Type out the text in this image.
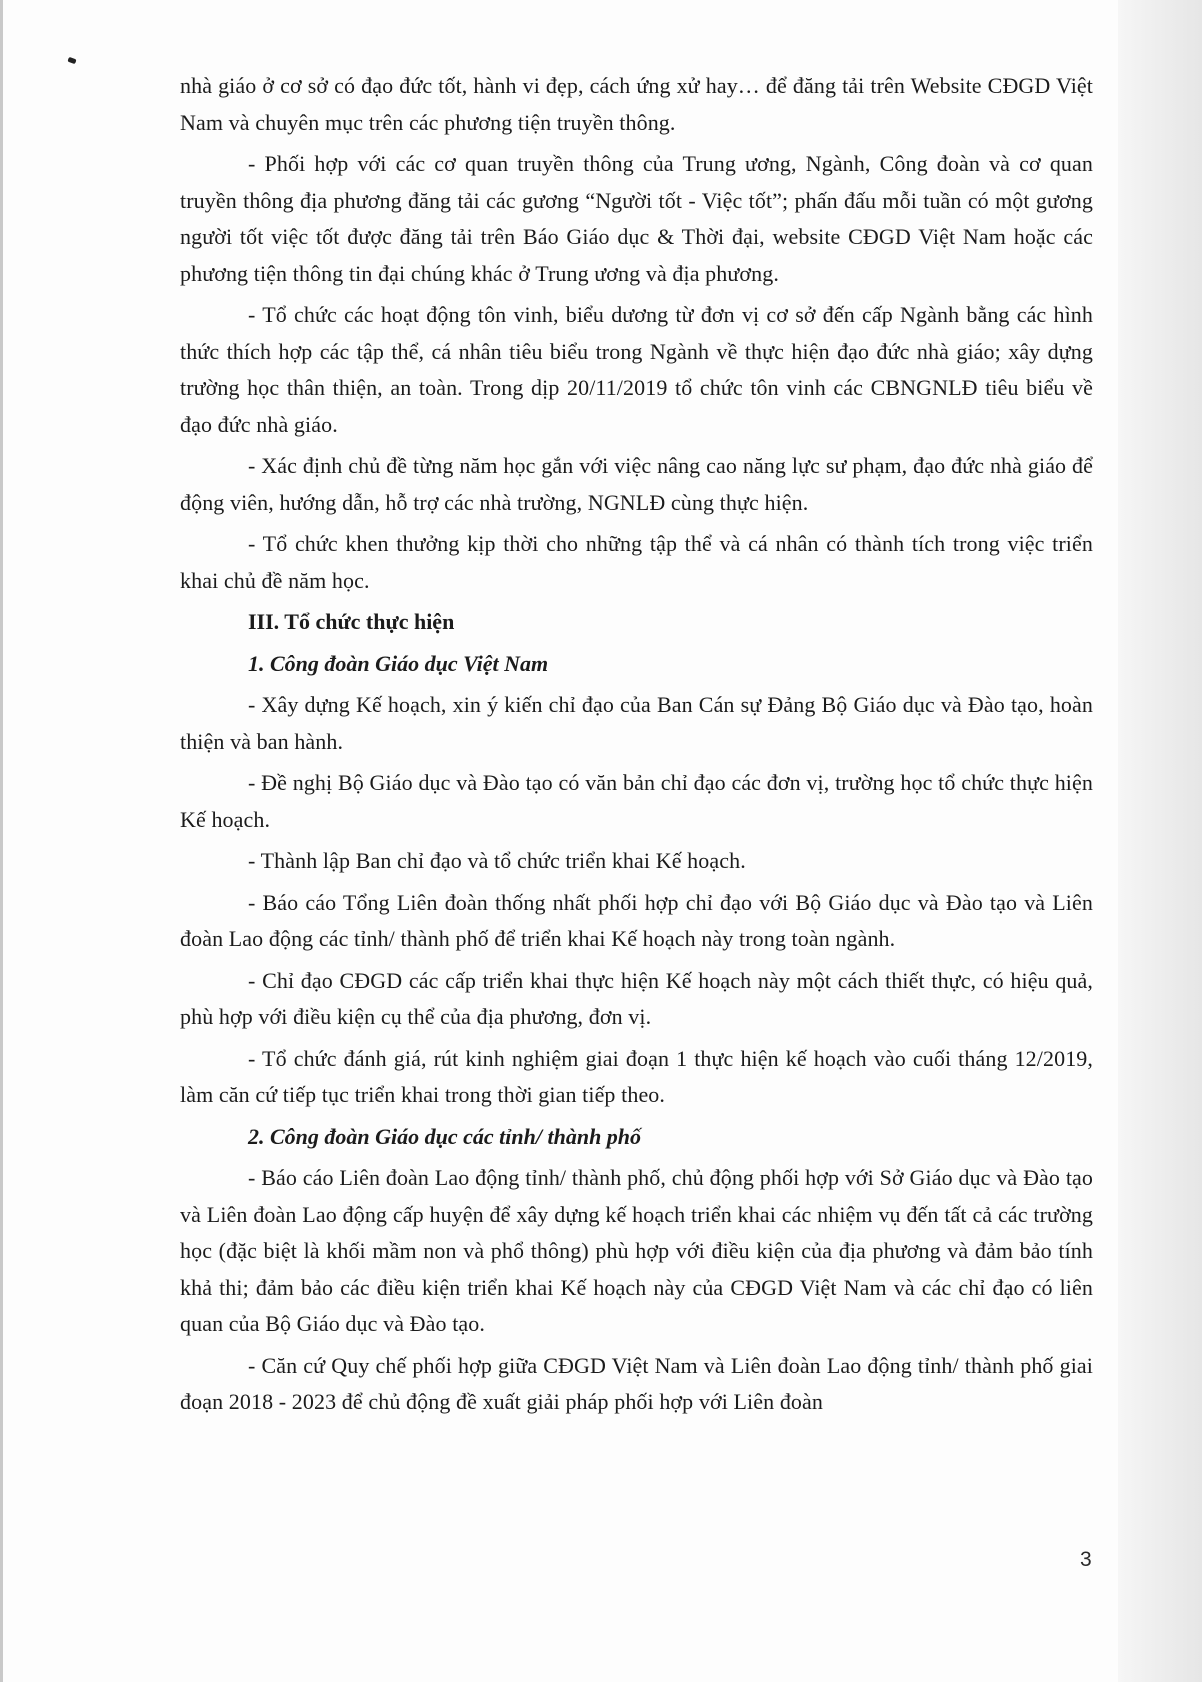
nhà giáo ở cơ sở có đạo đức tốt, hành vi đẹp, cách ứng xử hay… để đăng tải trên Website CĐGD Việt Nam và chuyên mục trên các phương tiện truyền thông.

- Phối hợp với các cơ quan truyền thông của Trung ương, Ngành, Công đoàn và cơ quan truyền thông địa phương đăng tải các gương “Người tốt - Việc tốt”; phấn đấu mỗi tuần có một gương người tốt việc tốt được đăng tải trên Báo Giáo dục & Thời đại, website CĐGD Việt Nam hoặc các phương tiện thông tin đại chúng khác ở Trung ương và địa phương.

- Tổ chức các hoạt động tôn vinh, biểu dương từ đơn vị cơ sở đến cấp Ngành bằng các hình thức thích hợp các tập thể, cá nhân tiêu biểu trong Ngành về thực hiện đạo đức nhà giáo; xây dựng trường học thân thiện, an toàn. Trong dịp 20/11/2019 tổ chức tôn vinh các CBNGNLĐ tiêu biểu về đạo đức nhà giáo.

- Xác định chủ đề từng năm học gắn với việc nâng cao năng lực sư phạm, đạo đức nhà giáo để động viên, hướng dẫn, hỗ trợ các nhà trường, NGNLĐ cùng thực hiện.

- Tổ chức khen thưởng kịp thời cho những tập thể và cá nhân có thành tích trong việc triển khai chủ đề năm học.

III. Tổ chức thực hiện

1. Công đoàn Giáo dục Việt Nam

- Xây dựng Kế hoạch, xin ý kiến chỉ đạo của Ban Cán sự Đảng Bộ Giáo dục và Đào tạo, hoàn thiện và ban hành.

- Đề nghị Bộ Giáo dục và Đào tạo có văn bản chỉ đạo các đơn vị, trường học tổ chức thực hiện Kế hoạch.

- Thành lập Ban chỉ đạo và tổ chức triển khai Kế hoạch.

- Báo cáo Tổng Liên đoàn thống nhất phối hợp chỉ đạo với Bộ Giáo dục và Đào tạo và Liên đoàn Lao động các tỉnh/ thành phố để triển khai Kế hoạch này trong toàn ngành.

- Chỉ đạo CĐGD các cấp triển khai thực hiện Kế hoạch này một cách thiết thực, có hiệu quả, phù hợp với điều kiện cụ thể của địa phương, đơn vị.

- Tổ chức đánh giá, rút kinh nghiệm giai đoạn 1 thực hiện kế hoạch vào cuối tháng 12/2019, làm căn cứ tiếp tục triển khai trong thời gian tiếp theo.

2. Công đoàn Giáo dục các tỉnh/ thành phố

- Báo cáo Liên đoàn Lao động tỉnh/ thành phố, chủ động phối hợp với Sở Giáo dục và Đào tạo và Liên đoàn Lao động cấp huyện để xây dựng kế hoạch triển khai các nhiệm vụ đến tất cả các trường học (đặc biệt là khối mầm non và phổ thông) phù hợp với điều kiện của địa phương và đảm bảo tính khả thi; đảm bảo các điều kiện triển khai Kế hoạch này của CĐGD Việt Nam và các chỉ đạo có liên quan của Bộ Giáo dục và Đào tạo.

- Căn cứ Quy chế phối hợp giữa CĐGD Việt Nam và Liên đoàn Lao động tỉnh/ thành phố giai đoạn 2018 - 2023 để chủ động đề xuất giải pháp phối hợp với Liên đoàn

3
